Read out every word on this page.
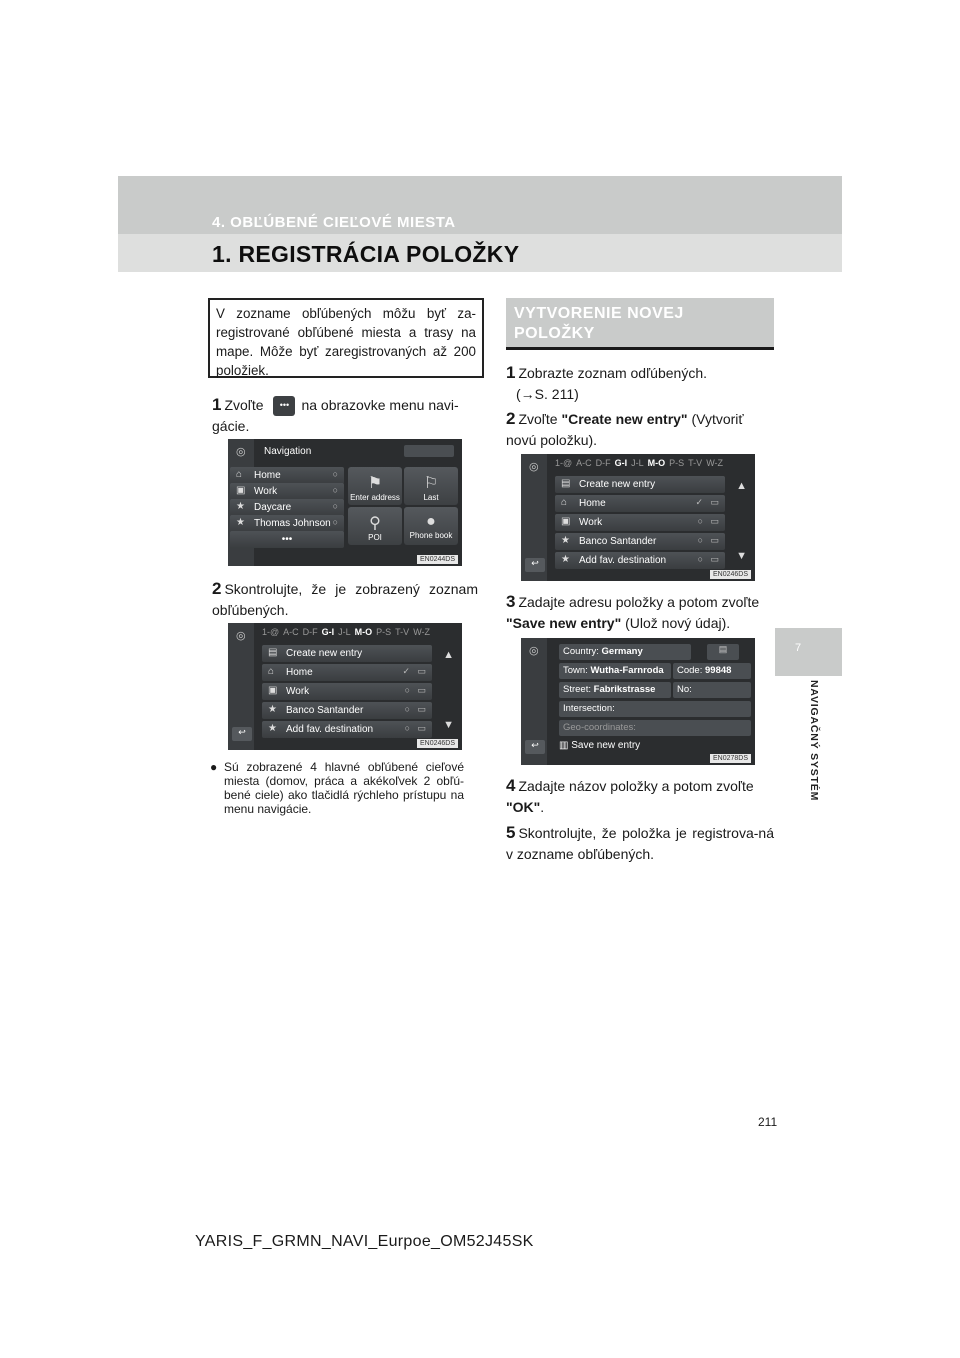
4. OBĽÚBENÉ CIEĽOVÉ MIESTA
1. REGISTRÁCIA POLOŽKY
7
NAVIGAČNÝ SYSTÉM
V zozname obľúbených môžu byť za-registrované obľúbené miesta a trasy na mape. Môže byť zaregistrovaných až 200 položiek.
1 Zvoľte ••• na obrazovke menu navi-gácie.
◎ Navigation
⌂ Home	○
▣ Work	○
★ Daycare	○
★ Thomas Johnson ○
•••
⚑
Enter address
⚐
Last
⚲
POI
●
Phone book
EN0244DS
2 Skontrolujte, že je zobrazený zoznam obľúbených.
◎ 1-@ A-C D-F G-I J-L M-O P-S T-V W-Z
▤ Create new entry
⌂ Home	✓ ▭
▣ Work	○ ▭
★ Banco Santander	○ ▭
★ Add fav. destination	○ ▭
▲
▼
↩
EN0246DS
● Sú zobrazené 4 hlavné obľúbené cieľové miesta (domov, práca a akékoľvek 2 obľú-bené ciele) ako tlačidlá rýchleho prístupu na menu navigácie.
VYTVORENIE NOVEJ POLOŽKY
1 Zobrazte zoznam odľúbených.
(→S. 211)
2 Zvoľte "Create new entry" (Vytvoriť novú položku).
◎ 1-@ A-C D-F G-I J-L M-O P-S T-V W-Z
▤ Create new entry
⌂ Home	✓ ▭
▣ Work	○ ▭
★ Banco Santander	○ ▭
★ Add fav. destination	○ ▭
▲
▼
↩
EN0246DS
3 Zadajte adresu položky a potom zvoľte
"Save new entry" (Ulož nový údaj).
◎	Country: Germany	▤
Town: Wutha-Farnroda	Code: 99848
Street: Fabrikstrasse	No:
Intersection:
Geo-coordinates:
↩	▥ Save new entry
EN0278DS
4 Zadajte názov položky a potom zvoľte
"OK".
5 Skontrolujte, že položka je registrova-ná v zozname obľúbených.
211
YARIS_F_GRMN_NAVI_Eurpoe_OM52J45SK
